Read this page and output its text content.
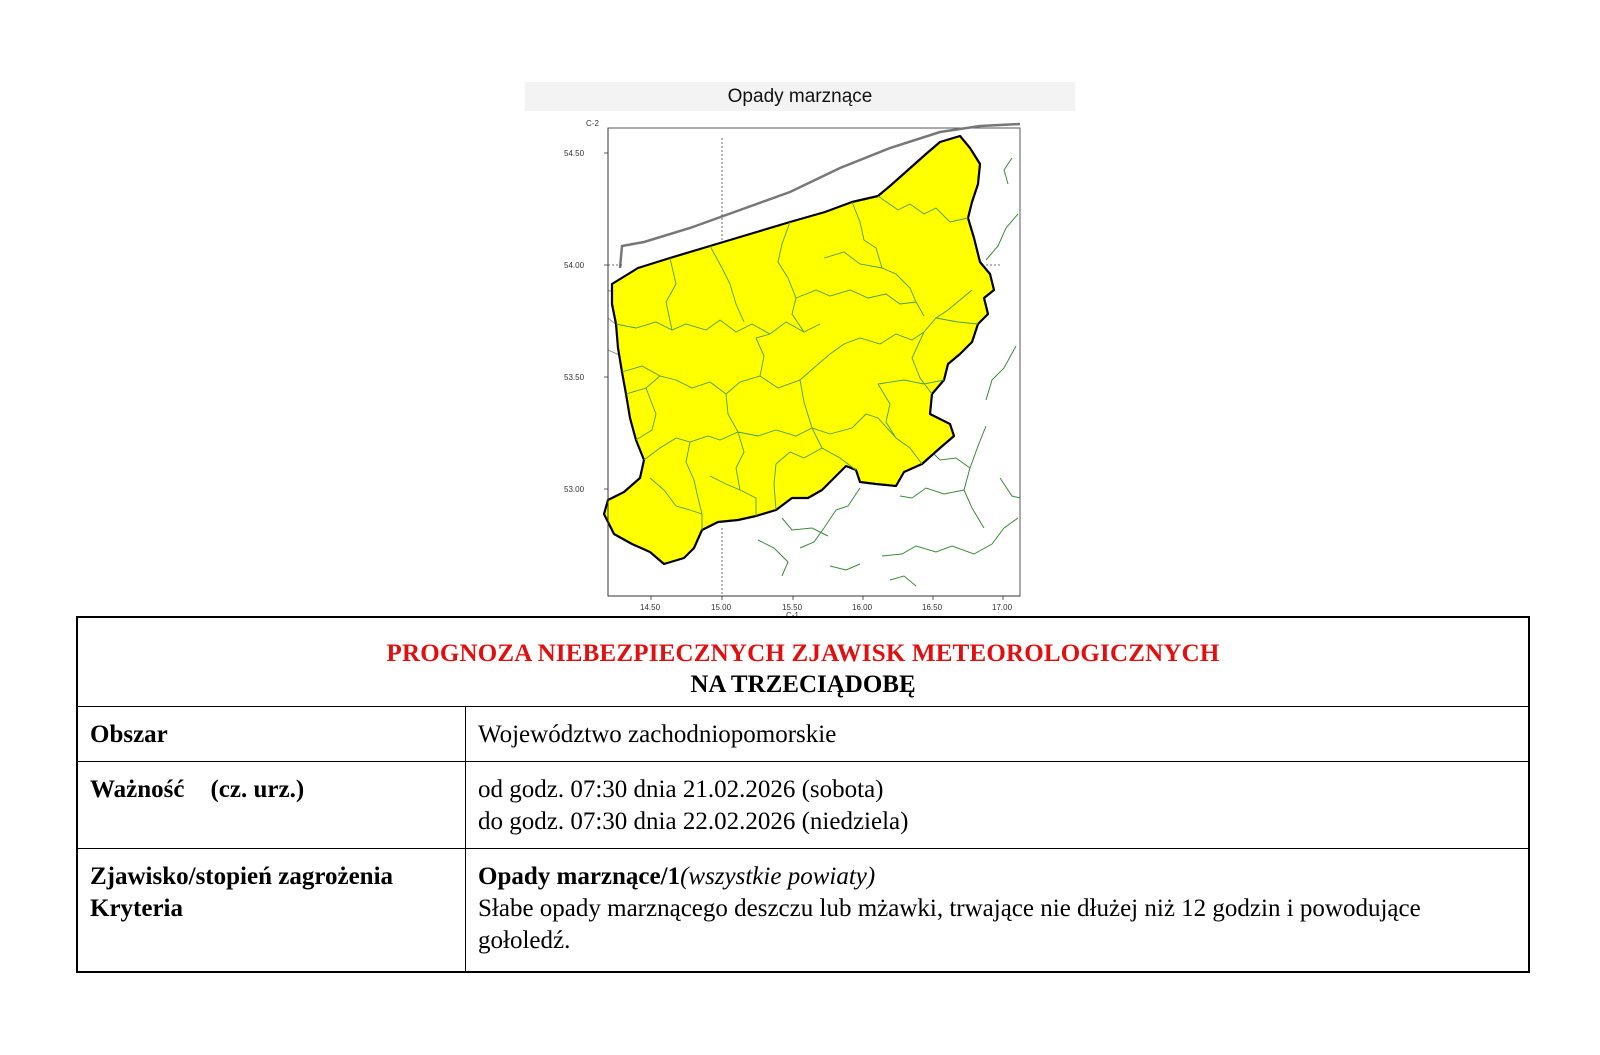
Opady marznące
C-2
54.50
54.00
53.50
53.00
14.50	15.00	15.50	16.00	16.50	17.00
C-1
PROGNOZA NIEBEZPIECZNYCH ZJAWISK METEOROLOGICZNYCH
NA TRZECIĄDOBĘ	

Obszar	Województwo zachodniopomorskie
Ważność (cz. urz.)	od godz. 07:30 dnia 21.02.2026 (sobota)
do godz. 07:30 dnia 22.02.2026 (niedziela)

Zjawisko/stopień zagrożenia
Kryteria	Opady marznące/1(wszystkie powiaty)
Słabe opady marznącego deszczu lub mżawki, trwające nie dłużej niż 12 godzin i powodujące gołoledź.
